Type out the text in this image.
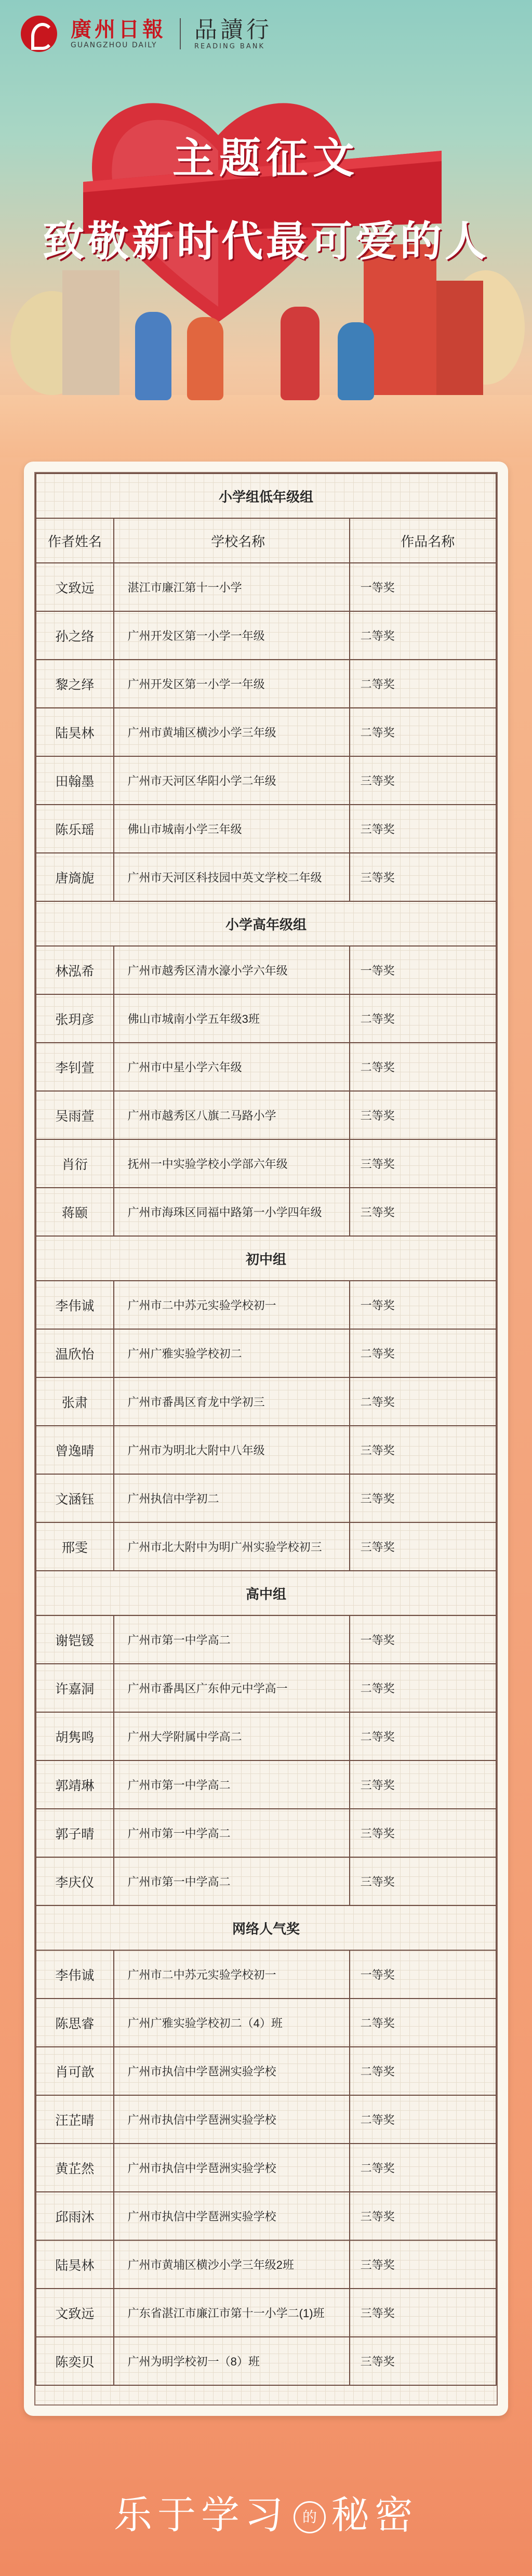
廣州日報
GUANGZHOU DAILY
品讀行
READING BANK
主题征文
致敬新时代最可爱的人
小学组低年级组		
作者姓名	学校名称	作品名称
文致远	湛江市廉江第十一小学	一等奖
孙之络	广州开发区第一小学一年级	二等奖
黎之绎	广州开发区第一小学一年级	二等奖
陆昊林	广州市黄埔区横沙小学三年级	二等奖
田翰墨	广州市天河区华阳小学二年级	三等奖
陈乐瑶	佛山市城南小学三年级	三等奖
唐旖旎	广州市天河区科技园中英文学校二年级	三等奖
小学高年级组		
林泓希	广州市越秀区清水濠小学六年级	一等奖
张玥彦	佛山市城南小学五年级3班	二等奖
李钊萱	广州市中星小学六年级	二等奖
吴雨萱	广州市越秀区八旗二马路小学	三等奖
肖衍	抚州一中实验学校小学部六年级	三等奖
蒋颐	广州市海珠区同福中路第一小学四年级	三等奖
初中组		
李伟诚	广州市二中苏元实验学校初一	一等奖
温欣怡	广州广雅实验学校初二	二等奖
张肃	广州市番禺区育龙中学初三	二等奖
曾逸晴	广州市为明北大附中八年级	三等奖
文涵钰	广州执信中学初二	三等奖
邢雯	广州市北大附中为明广州实验学校初三	三等奖
高中组		
谢铠锾	广州市第一中学高二	一等奖
许嘉洞	广州市番禺区广东仲元中学高一	二等奖
胡隽鸣	广州大学附属中学高二	二等奖
郭靖琳	广州市第一中学高二	三等奖
郭子晴	广州市第一中学高二	三等奖
李庆仪	广州市第一中学高二	三等奖
网络人气奖		
李伟诚	广州市二中苏元实验学校初一	一等奖
陈思睿	广州广雅实验学校初二（4）班	二等奖
肖可歆	广州市执信中学琶洲实验学校	二等奖
汪芷晴	广州市执信中学琶洲实验学校	二等奖
黄芷然	广州市执信中学琶洲实验学校	二等奖
邱雨沐	广州市执信中学琶洲实验学校	三等奖
陆昊林	广州市黄埔区横沙小学三年级2班	三等奖
文致远	广东省湛江市廉江市第十一小学二(1)班	三等奖
陈奕贝	广州为明学校初一（8）班	三等奖
乐于学习 的 秘密
